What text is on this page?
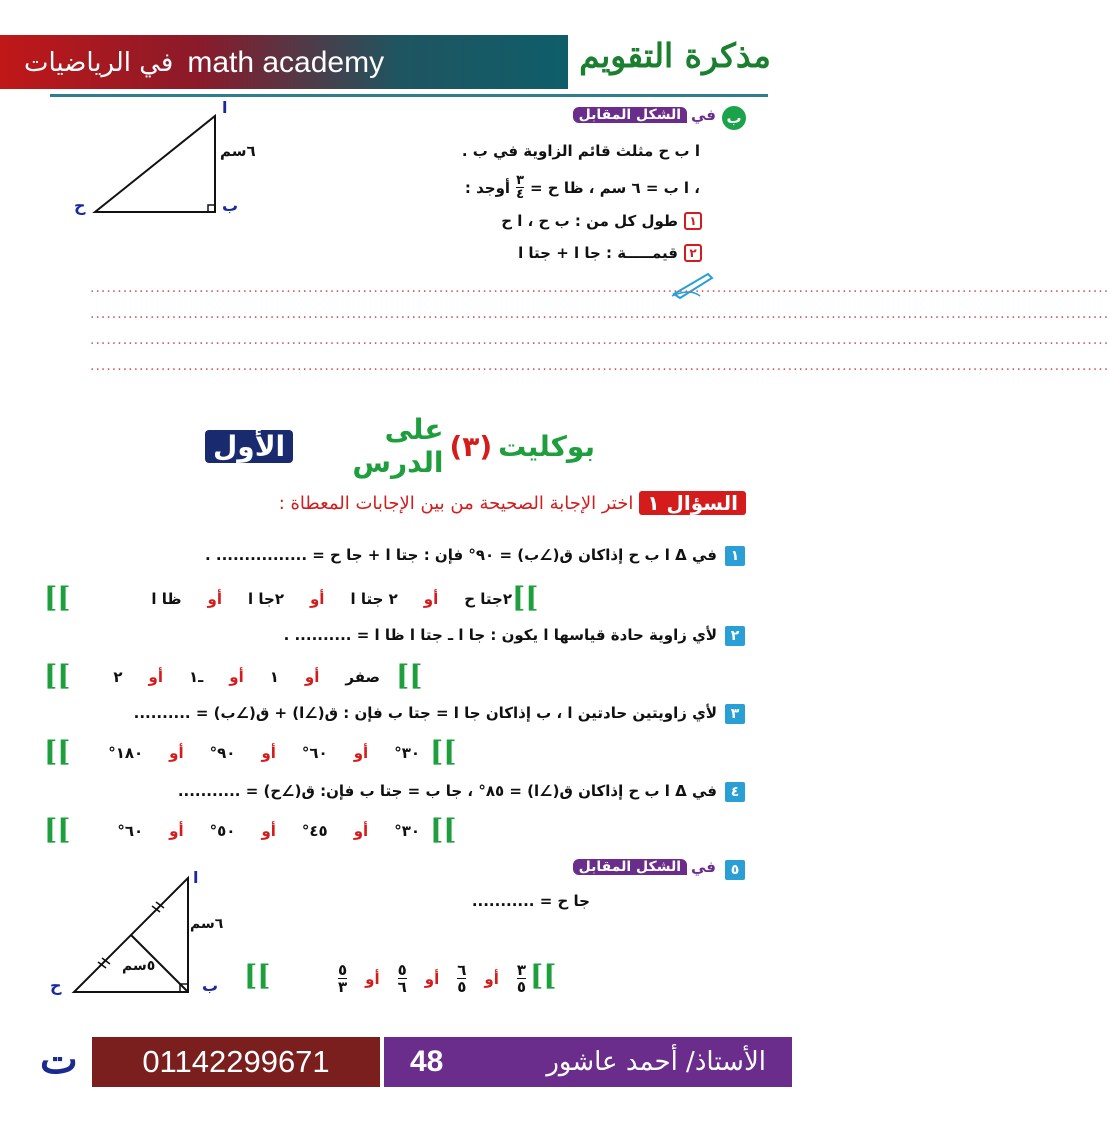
في الرياضيات math academy	مذكرة التقويم
ا
ب
ح
٦سم
ب
في
الشكل المقابل
ا ب ح مثلث قائم الزاوية في ب .
، ا ب = ٦ سم ، ظا ح =
٣
٤
أوجد :
١
طول كل من : ب ح ، ا ح
٢
قيمـــــة : جا ا + جتا ا
...........................................................................................................................................................................................
...........................................................................................................................................................................................
...........................................................................................................................................................................................
...........................................................................................................................................................................................
بوكليت
(٣)
على الدرس
الأول
السؤال ١
اختر الإجابة الصحيحة من بين الإجابات المعطاة :
١
في Δ ا ب ح إذاكان ق(∠ب) = ٩٠° فإن : جتا ا + جا ح = ................ .
[[	٢جتا ح
أو
٢ جتا ا
أو
٢جا ا
أو
ظا ا	[[
٢
لأي زاوية حادة قياسها ا يكون : جا ا ـ جتا ا ظا ا = .......... .
[[	صفر
أو
١
أو
ـ١
أو
٢	[[
٣
لأي زاويتين حادتين ا ، ب إذاكان جا ا = جتا ب فإن : ق(∠ا) + ق(∠ب) = ..........
[[	٣٠°
أو
٦٠°
أو
٩٠°
أو
١٨٠°	[[
٤
في Δ ا ب ح إذاكان ق(∠ا) = ٨٥° ، جا ب = جتا ب فإن: ق(∠ح) = ...........
[[	٣٠°
أو
٤٥°
أو
٥٠°
أو
٦٠°	[[
٥
في
الشكل المقابل
جا ح = ...........
ا
ب
ح
٦سم
٥سم	[[	٣
٥
أو
٦
٥
أو
٥
٦
أو
٥
٣	[[
ت	01142299671	48	الأستاذ/ أحمد عاشور
